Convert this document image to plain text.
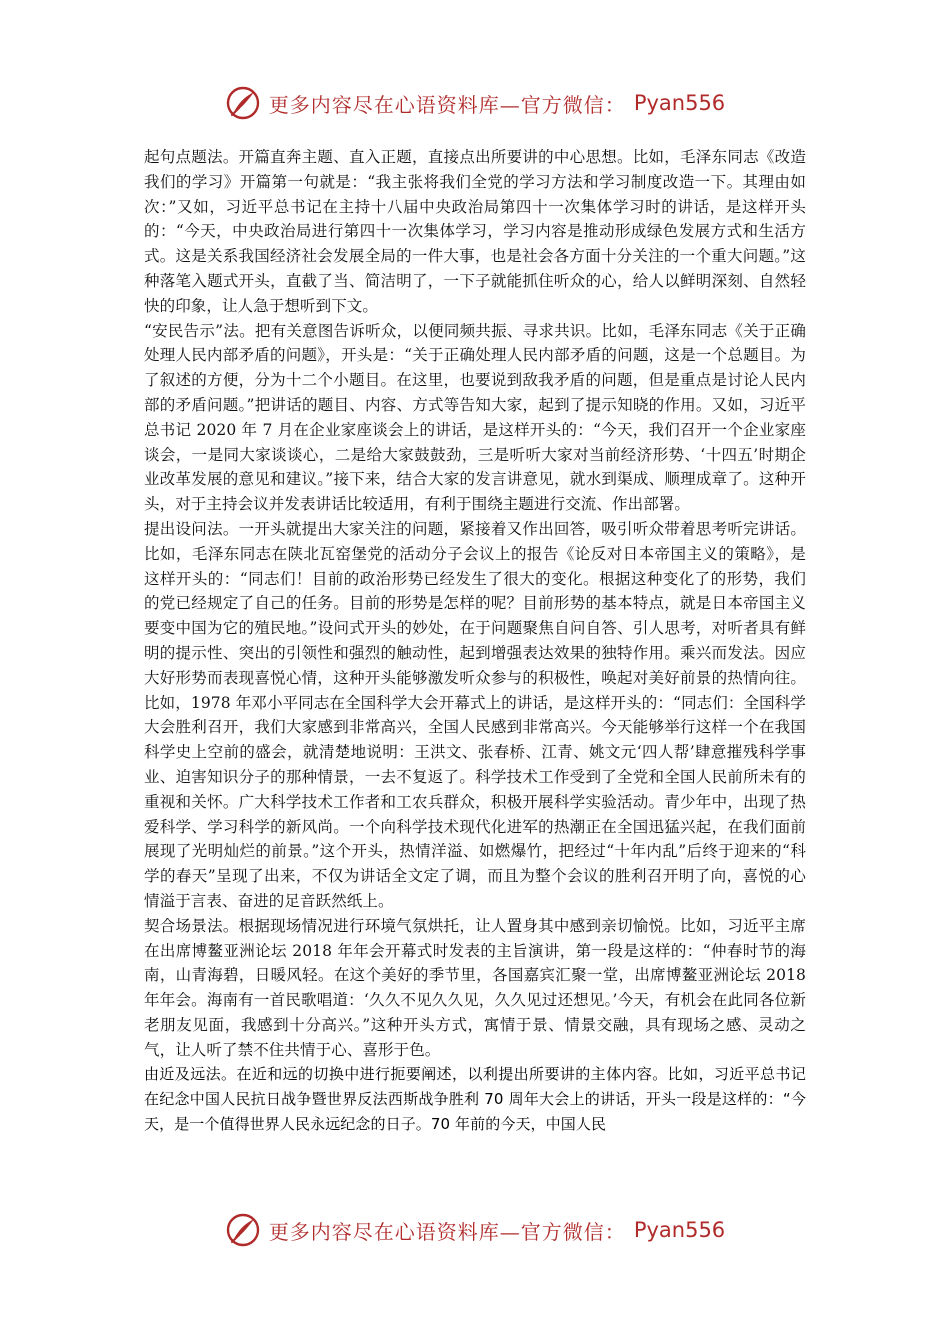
更多内容尽在心语资料库—官方微信： Pyan556

起句点题法。开篇直奔主题、直入正题，直接点出所要讲的中心思想。比如，毛泽东同志《改造我们的学习》开篇第一句就是：“我主张将我们全党的学习方法和学习制度改造一下。其理由如次：”又如，习近平总书记在主持十八届中央政治局第四十一次集体学习时的讲话，是这样开头的：“今天，中央政治局进行第四十一次集体学习，学习内容是推动形成绿色发展方式和生活方式。这是关系我国经济社会发展全局的一件大事，也是社会各方面十分关注的一个重大问题。”这种落笔入题式开头，直截了当、简洁明了，一下子就能抓住听众的心，给人以鲜明深刻、自然轻快的印象，让人急于想听到下文。

“安民告示”法。把有关意图告诉听众，以便同频共振、寻求共识。比如，毛泽东同志《关于正确处理人民内部矛盾的问题》，开头是：“关于正确处理人民内部矛盾的问题，这是一个总题目。为了叙述的方便，分为十二个小题目。在这里，也要说到敌我矛盾的问题，但是重点是讨论人民内部的矛盾问题。”把讲话的题目、内容、方式等告知大家，起到了提示知晓的作用。又如，习近平总书记 2020 年 7 月在企业家座谈会上的讲话，是这样开头的：“今天，我们召开一个企业家座谈会，一是同大家谈谈心，二是给大家鼓鼓劲，三是听听大家对当前经济形势、‘十四五’时期企业改革发展的意见和建议。”接下来，结合大家的发言讲意见，就水到渠成、顺理成章了。这种开头，对于主持会议并发表讲话比较适用，有利于围绕主题进行交流、作出部署。

提出设问法。一开头就提出大家关注的问题，紧接着又作出回答，吸引听众带着思考听完讲话。比如，毛泽东同志在陕北瓦窑堡党的活动分子会议上的报告《论反对日本帝国主义的策略》，是这样开头的：“同志们！目前的政治形势已经发生了很大的变化。根据这种变化了的形势，我们的党已经规定了自己的任务。目前的形势是怎样的呢？目前形势的基本特点，就是日本帝国主义要变中国为它的殖民地。”设问式开头的妙处，在于问题聚焦自问自答、引人思考，对听者具有鲜明的提示性、突出的引领性和强烈的触动性，起到增强表达效果的独特作用。乘兴而发法。因应大好形势而表现喜悦心情，这种开头能够激发听众参与的积极性，唤起对美好前景的热情向往。比如，1978 年邓小平同志在全国科学大会开幕式上的讲话，是这样开头的：“同志们：全国科学大会胜利召开，我们大家感到非常高兴，全国人民感到非常高兴。今天能够举行这样一个在我国科学史上空前的盛会，就清楚地说明：王洪文、张春桥、江青、姚文元‘四人帮’肆意摧残科学事业、迫害知识分子的那种情景，一去不复返了。科学技术工作受到了全党和全国人民前所未有的重视和关怀。广大科学技术工作者和工农兵群众，积极开展科学实验活动。青少年中，出现了热爱科学、学习科学的新风尚。一个向科学技术现代化进军的热潮正在全国迅猛兴起，在我们面前展现了光明灿烂的前景。”这个开头，热情洋溢、如燃爆竹，把经过“十年内乱”后终于迎来的“科学的春天”呈现了出来，不仅为讲话全文定了调，而且为整个会议的胜利召开明了向，喜悦的心情溢于言表、奋进的足音跃然纸上。

契合场景法。根据现场情况进行环境气氛烘托，让人置身其中感到亲切愉悦。比如，习近平主席在出席博鳌亚洲论坛 2018 年年会开幕式时发表的主旨演讲，第一段是这样的：“仲春时节的海南，山青海碧，日暖风轻。在这个美好的季节里，各国嘉宾汇聚一堂，出席博鳌亚洲论坛 2018 年年会。海南有一首民歌唱道：‘久久不见久久见，久久见过还想见。’今天，有机会在此同各位新老朋友见面，我感到十分高兴。”这种开头方式，寓情于景、情景交融，具有现场之感、灵动之气，让人听了禁不住共情于心、喜形于色。

由近及远法。在近和远的切换中进行扼要阐述，以利提出所要讲的主体内容。比如，习近平总书记在纪念中国人民抗日战争暨世界反法西斯战争胜利 70 周年大会上的讲话，开头一段是这样的：“今天，是一个值得世界人民永远纪念的日子。70 年前的今天，中国人民

更多内容尽在心语资料库—官方微信： Pyan556
